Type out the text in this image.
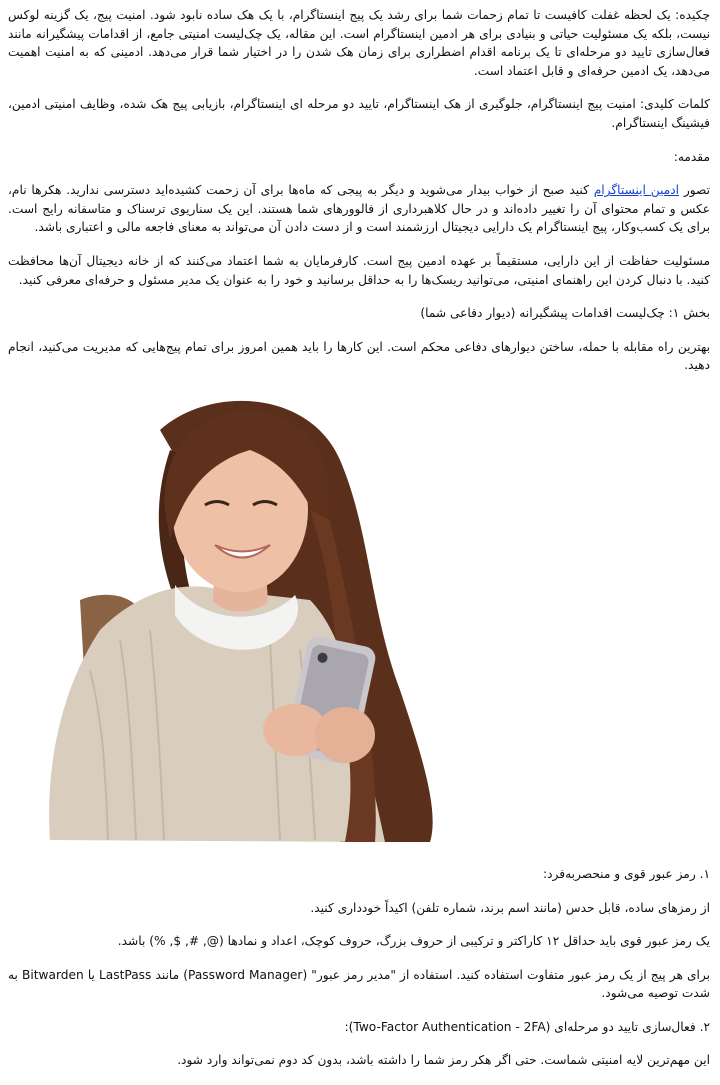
چکیده: یک لحظه غفلت کافیست تا تمام زحمات شما برای رشد یک پیج اینستاگرام، با یک هک ساده نابود شود. امنیت پیج، یک گزینه لوکس نیست، بلکه یک مسئولیت حیاتی و بنیادی برای هر ادمین اینستاگرام است. این مقاله، یک چک‌لیست امنیتی جامع، از اقدامات پیشگیرانه مانند فعال‌سازی تایید دو مرحله‌ای تا یک برنامه اقدام اضطراری برای زمان هک شدن را در اختیار شما قرار می‌دهد. ادمینی که به امنیت اهمیت می‌دهد، یک ادمین حرفه‌ای و قابل اعتماد است.

کلمات کلیدی: امنیت پیج اینستاگرام، جلوگیری از هک اینستاگرام، تایید دو مرحله ای اینستاگرام، بازیابی پیج هک شده، وظایف امنیتی ادمین، فیشینگ اینستاگرام.

مقدمه:

تصور ادمین اینستاگرام کنید صبح از خواب بیدار می‌شوید و دیگر به پیجی که ماه‌ها برای آن زحمت کشیده‌اید دسترسی ندارید. هکرها نام، عکس و تمام محتوای آن را تغییر داده‌اند و در حال کلاهبرداری از فالوورهای شما هستند. این یک سناریوی ترسناک و متاسفانه رایج است. برای یک کسب‌وکار، پیج اینستاگرام یک دارایی دیجیتال ارزشمند است و از دست دادن آن می‌تواند به معنای فاجعه مالی و اعتباری باشد.

مسئولیت حفاظت از این دارایی، مستقیماً بر عهده ادمین پیج است. کارفرمایان به شما اعتماد می‌کنند که از خانه دیجیتال آن‌ها محافظت کنید. با دنبال کردن این راهنمای امنیتی، می‌توانید ریسک‌ها را به حداقل برسانید و خود را به عنوان یک مدیر مسئول و حرفه‌ای معرفی کنید.

بخش ۱: چک‌لیست اقدامات پیشگیرانه (دیوار دفاعی شما)

بهترین راه مقابله با حمله، ساختن دیوارهای دفاعی محکم است. این کارها را باید همین امروز برای تمام پیج‌هایی که مدیریت می‌کنید، انجام دهید.

۱. رمز عبور قوی و منحصربه‌فرد:

از رمزهای ساده، قابل حدس (مانند اسم برند، شماره تلفن) اکیداً خودداری کنید.

یک رمز عبور قوی باید حداقل ۱۲ کاراکتر و ترکیبی از حروف بزرگ، حروف کوچک، اعداد و نمادها (@, #, $, %) باشد.

برای هر پیج از یک رمز عبور متفاوت استفاده کنید. استفاده از "مدیر رمز عبور" (Password Manager) مانند LastPass یا Bitwarden به شدت توصیه می‌شود.

۲. فعال‌سازی تایید دو مرحله‌ای (Two-Factor Authentication - 2FA):

این مهم‌ترین لایه امنیتی شماست. حتی اگر هکر رمز شما را داشته باشد، بدون کد دوم نمی‌تواند وارد شود.
